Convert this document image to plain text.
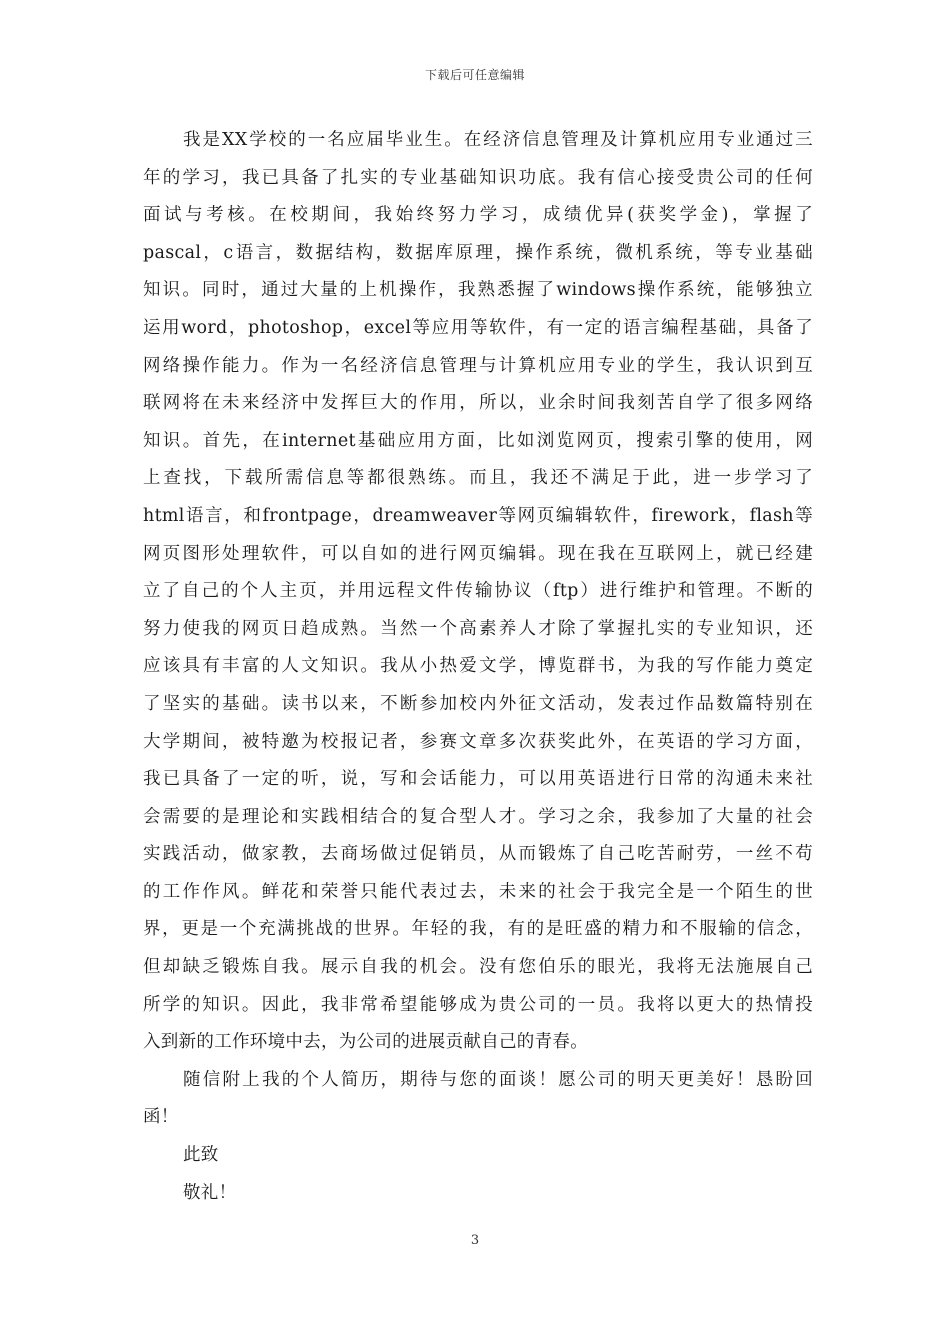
下载后可任意编辑
我是XX学校的一名应届毕业生。在经济信息管理及计算机应用专业通过三
年的学习，我已具备了扎实的专业基础知识功底。我有信心接受贵公司的任何
面试与考核。在校期间，我始终努力学习，成绩优异(获奖学金)，掌握了
pascal，c语言，数据结构，数据库原理，操作系统，微机系统，等专业基础
知识。同时，通过大量的上机操作，我熟悉握了windows操作系统，能够独立
运用word，photoshop，excel等应用等软件，有一定的语言编程基础，具备了
网络操作能力。作为一名经济信息管理与计算机应用专业的学生，我认识到互
联网将在未来经济中发挥巨大的作用，所以，业余时间我刻苦自学了很多网络
知识。首先，在internet基础应用方面，比如浏览网页，搜索引擎的使用，网
上查找，下载所需信息等都很熟练。而且，我还不满足于此，进一步学习了
html语言，和frontpage，dreamweaver等网页编辑软件，firework，flash等
网页图形处理软件，可以自如的进行网页编辑。现在我在互联网上，就已经建
立了自己的个人主页，并用远程文件传输协议（ftp）进行维护和管理。不断的
努力使我的网页日趋成熟。当然一个高素养人才除了掌握扎实的专业知识，还
应该具有丰富的人文知识。我从小热爱文学，博览群书，为我的写作能力奠定
了坚实的基础。读书以来，不断参加校内外征文活动，发表过作品数篇特别在
大学期间，被特邀为校报记者，参赛文章多次获奖此外，在英语的学习方面，
我已具备了一定的听，说，写和会话能力，可以用英语进行日常的沟通未来社
会需要的是理论和实践相结合的复合型人才。学习之余，我参加了大量的社会
实践活动，做家教，去商场做过促销员，从而锻炼了自己吃苦耐劳，一丝不苟
的工作作风。鲜花和荣誉只能代表过去，未来的社会于我完全是一个陌生的世
界，更是一个充满挑战的世界。年轻的我，有的是旺盛的精力和不服输的信念，
但却缺乏锻炼自我。展示自我的机会。没有您伯乐的眼光，我将无法施展自己
所学的知识。因此，我非常希望能够成为贵公司的一员。我将以更大的热情投
入到新的工作环境中去，为公司的进展贡献自己的青春。
随信附上我的个人简历，期待与您的面谈！愿公司的明天更美好！恳盼回
函！
此致
敬礼！
3
